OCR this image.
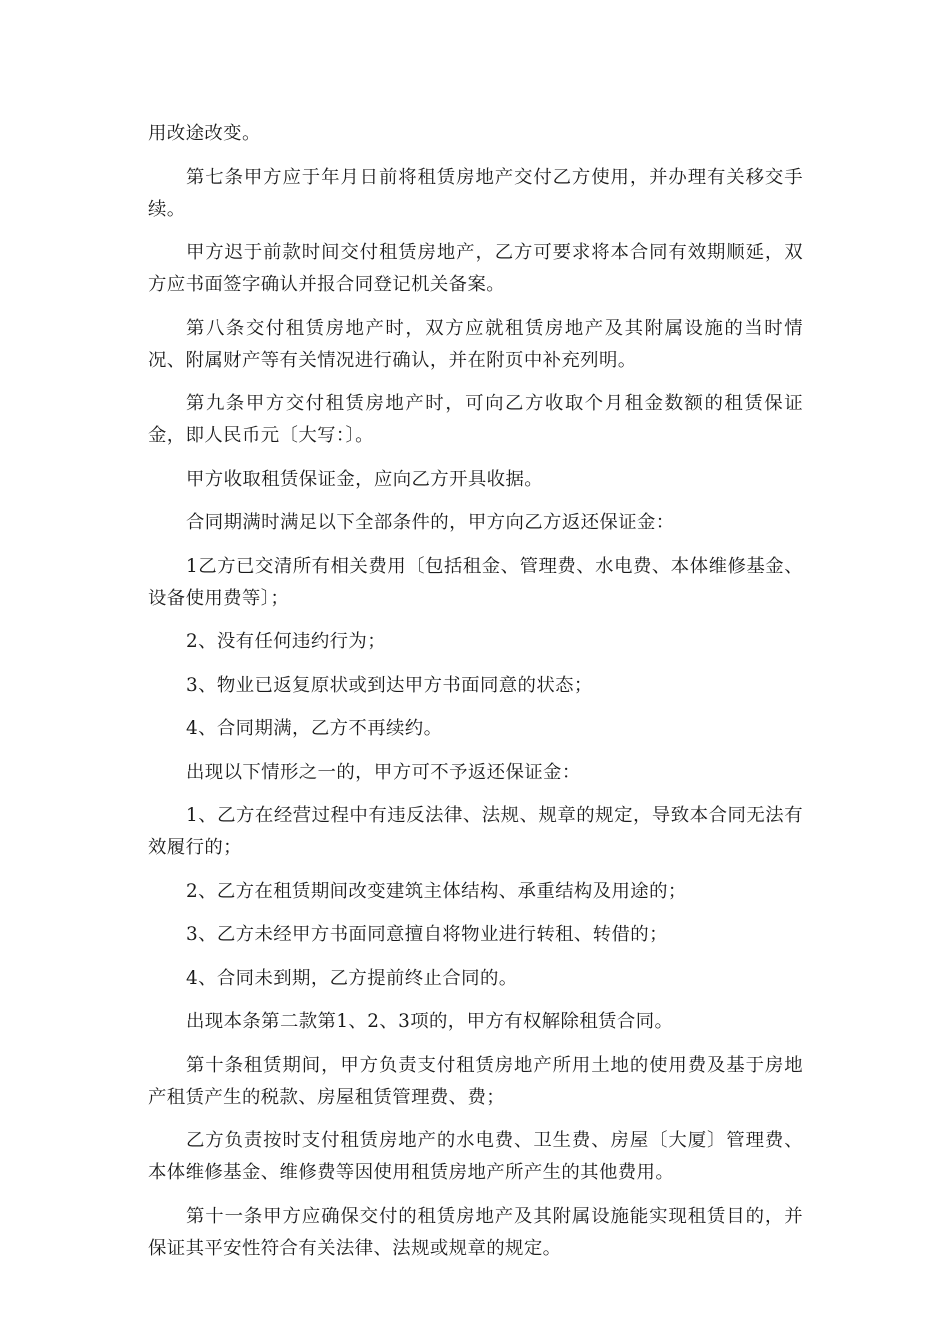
用改途改变。

第七条甲方应于年月日前将租赁房地产交付乙方使用，并办理有关移交手续。

甲方迟于前款时间交付租赁房地产，乙方可要求将本合同有效期顺延，双方应书面签字确认并报合同登记机关备案。

第八条交付租赁房地产时，双方应就租赁房地产及其附属设施的当时情况、附属财产等有关情况进行确认，并在附页中补充列明。

第九条甲方交付租赁房地产时，可向乙方收取个月租金数额的租赁保证金，即人民币元〔大写：〕。

甲方收取租赁保证金，应向乙方开具收据。

合同期满时满足以下全部条件的，甲方向乙方返还保证金：

1乙方已交清所有相关费用〔包括租金、管理费、水电费、本体维修基金、设备使用费等〕；

2、没有任何违约行为；

3、物业已返复原状或到达甲方书面同意的状态；

4、合同期满，乙方不再续约。

出现以下情形之一的，甲方可不予返还保证金：

1、乙方在经营过程中有违反法律、法规、规章的规定，导致本合同无法有效履行的；

2、乙方在租赁期间改变建筑主体结构、承重结构及用途的；

3、乙方未经甲方书面同意擅自将物业进行转租、转借的；

4、合同未到期，乙方提前终止合同的。

出现本条第二款第1、2、3项的，甲方有权解除租赁合同。

第十条租赁期间，甲方负责支付租赁房地产所用土地的使用费及基于房地产租赁产生的税款、房屋租赁管理费、费；

乙方负责按时支付租赁房地产的水电费、卫生费、房屋〔大厦〕管理费、本体维修基金、维修费等因使用租赁房地产所产生的其他费用。

第十一条甲方应确保交付的租赁房地产及其附属设施能实现租赁目的，并保证其平安性符合有关法律、法规或规章的规定。
